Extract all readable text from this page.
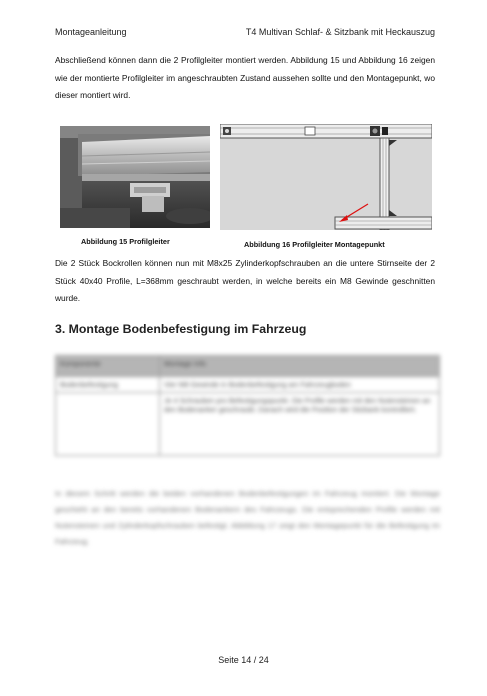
Montageanleitung	T4 Multivan Schlaf- & Sitzbank mit Heckauszug

Abschließend können dann die 2 Profilgleiter montiert werden. Abbildung 15 und Abbildung 16 zeigen wie der montierte Profilgleiter im angeschraubten Zustand aussehen sollte und den Montagepunkt, wo dieser montiert wird.

Abbildung 15 Profilgleiter	Abbildung 16 Profilgleiter Montagepunkt

Die 2 Stück Bockrollen können nun mit M8x25 Zylinderkopfschrauben an die untere Stirnseite der 2 Stück 40x40 Profile, L=368mm geschraubt werden, in welche bereits ein M8 Gewinde geschnitten wurde.

3. Montage Bodenbefestigung im Fahrzeug
Komponente	Montage Info
Bodenbefestigung	Vier M8 Gewinde in Bodenbefestigung am Fahrzeugboden
	Je 4 Schrauben pro Befestigungspunkt. Die Profile werden mit den Nutensteinen an den Bodenanker geschraubt. Danach wird die Position der Sitzbank kontrolliert.

In diesem Schritt werden die beiden vorhandenen Bodenbefestigungen im Fahrzeug montiert. Die Montage geschieht an den bereits vorhandenen Bodenankern des Fahrzeugs. Die entsprechenden Profile werden mit Nutensteinen und Zylinderkopfschrauben befestigt. Abbildung 17 zeigt den Montagepunkt für die Befestigung im Fahrzeug.

Seite 14 / 24
